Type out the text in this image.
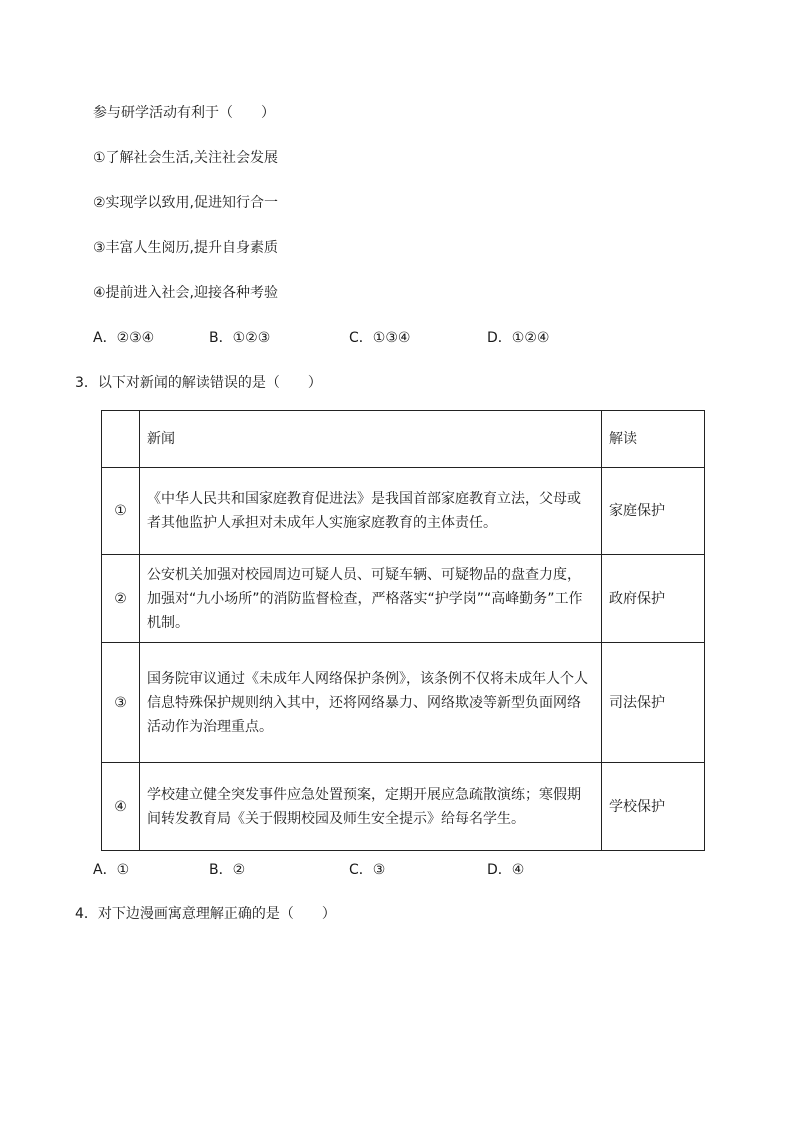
参与研学活动有利于（　　）
①了解社会生活,关注社会发展
②实现学以致用,促进知行合一
③丰富人生阅历,提升自身素质
④提前进入社会,迎接各种考验
A．②③④	B．①②③	C．①③④	D．①②④
3．以下对新闻的解读错误的是（　　）
	新闻	解读
①	《中华人民共和国家庭教育促进法》是我国首部家庭教育立法，父母或者其他监护人承担对未成年人实施家庭教育的主体责任。	家庭保护
②	公安机关加强对校园周边可疑人员、可疑车辆、可疑物品的盘查力度，加强对“九小场所”的消防监督检查，严格落实“护学岗”“高峰勤务”工作机制。	政府保护
③	国务院审议通过《未成年人网络保护条例》，该条例不仅将未成年人个人信息特殊保护规则纳入其中，还将网络暴力、网络欺凌等新型负面网络活动作为治理重点。	司法保护
④	学校建立健全突发事件应急处置预案，定期开展应急疏散演练；寒假期间转发教育局《关于假期校园及师生安全提示》给每名学生。	学校保护
A．①	B．②	C．③	D．④
4．对下边漫画寓意理解正确的是（　　）
